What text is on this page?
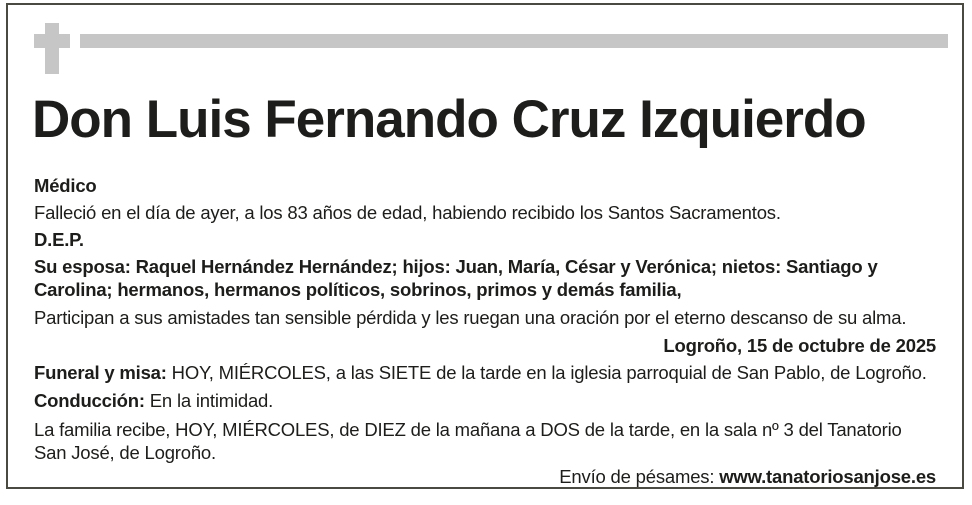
Don Luis Fernando Cruz Izquierdo

Médico

Falleció en el día de ayer, a los 83 años de edad, habiendo recibido los Santos Sacramentos.

D.E.P.

Su esposa: Raquel Hernández Hernández; hijos: Juan, María, César y Verónica; nietos: Santiago y Carolina; hermanos, hermanos políticos, sobrinos, primos y demás familia,

Participan a sus amistades tan sensible pérdida y les ruegan una oración por el eterno descanso de su alma.

Logroño, 15 de octubre de 2025

Funeral y misa: HOY, MIÉRCOLES, a las SIETE de la tarde en la iglesia parroquial de San Pablo, de Logroño.

Conducción: En la intimidad.

La familia recibe, HOY, MIÉRCOLES, de DIEZ de la mañana a DOS de la tarde, en la sala nº 3 del Tanatorio San José, de Logroño.

Envío de pésames: www.tanatoriosanjose.es
